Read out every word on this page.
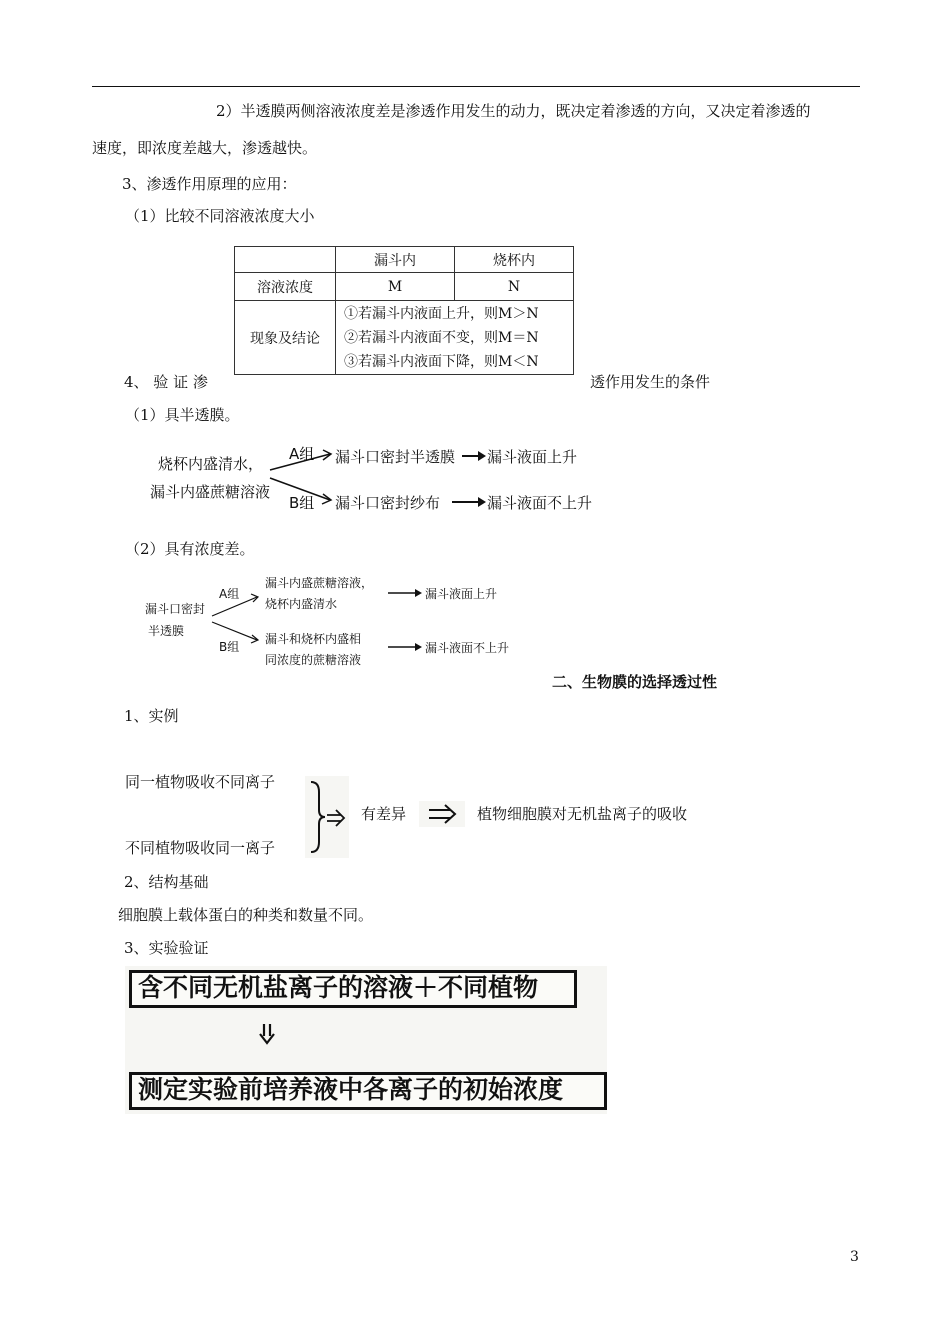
2）半透膜两侧溶液浓度差是渗透作用发生的动力，既决定着渗透的方向，又决定着渗透的
速度，即浓度差越大，渗透越快。
3、渗透作用原理的应用：
（1）比较不同溶液浓度大小
	漏斗内	烧杯内
溶液浓度	M	N
现象及结论	①若漏斗内液面上升，则M＞N
②若漏斗内液面不变，则M＝N
③若漏斗内液面下降，则M＜N	
4、 验 证 渗	透作用发生的条件
（1）具半透膜。
烧杯内盛清水，
漏斗内盛蔗糖溶液
A组
B组
漏斗口密封半透膜 漏斗液面上升
漏斗口密封纱布	漏斗液面不上升
（2）具有浓度差。
漏斗口密封
半透膜
A组
B组
漏斗内盛蔗糖溶液，
烧杯内盛清水
漏斗液面上升
漏斗和烧杯内盛相
同浓度的蔗糖溶液
漏斗液面不上升
二、生物膜的选择透过性
1、实例
同一植物吸收不同离子
不同植物吸收同一离子
有差异	植物细胞膜对无机盐离子的吸收
2、结构基础
细胞膜上载体蛋白的种类和数量不同。
3、实验验证
含不同无机盐离子的溶液＋不同植物
测定实验前培养液中各离子的初始浓度
3
